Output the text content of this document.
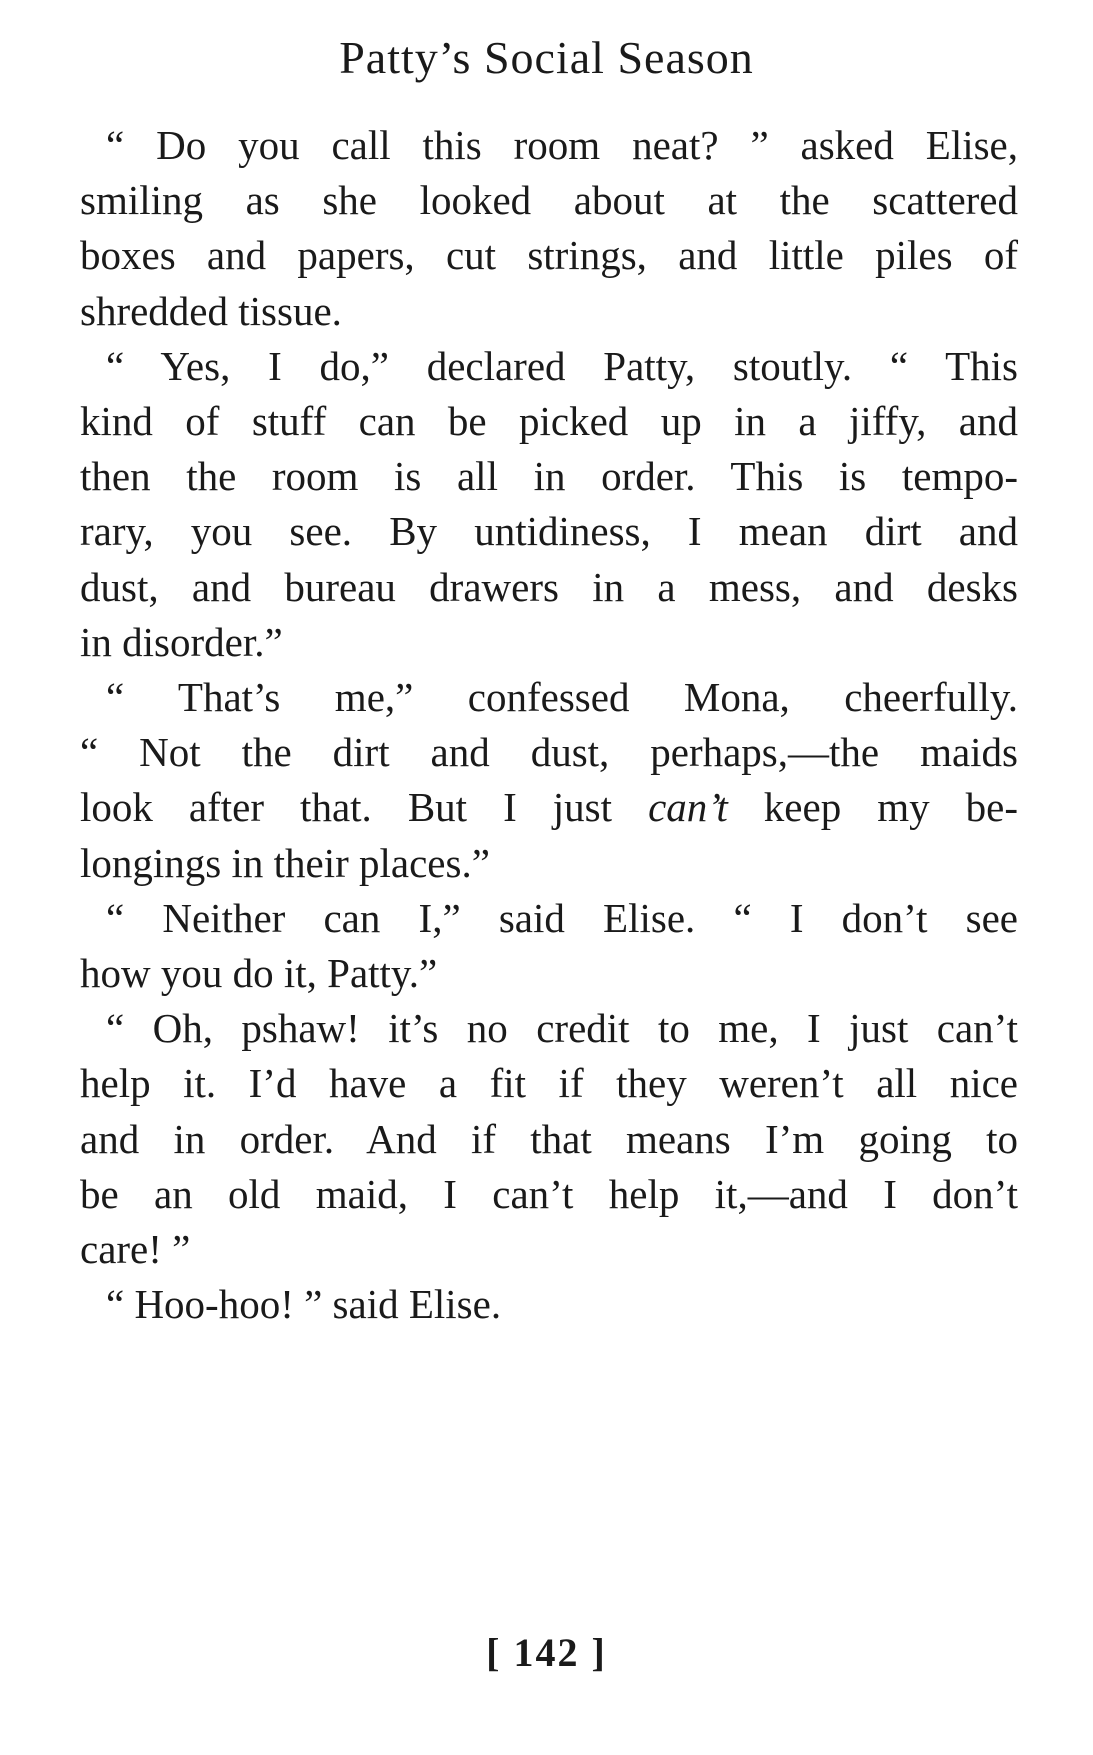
Patty’s Social Season
“ Do you call this room neat? ” asked Elise,
smiling as she looked about at the scattered
boxes and papers, cut strings, and little piles of
shredded tissue.
“ Yes, I do,” declared Patty, stoutly. “ This
kind of stuff can be picked up in a jiffy, and
then the room is all in order. This is tempo-
rary, you see. By untidiness, I mean dirt and
dust, and bureau drawers in a mess, and desks
in disorder.”
“ That’s me,” confessed Mona, cheerfully.
“ Not the dirt and dust, perhaps,—the maids
look after that. But I just can’t keep my be-
longings in their places.”
“ Neither can I,” said Elise. “ I don’t see
how you do it, Patty.”
“ Oh, pshaw! it’s no credit to me, I just can’t
help it. I’d have a fit if they weren’t all nice
and in order. And if that means I’m going to
be an old maid, I can’t help it,—and I don’t
care! ”
“ Hoo-hoo! ” said Elise.
[ 142 ]
